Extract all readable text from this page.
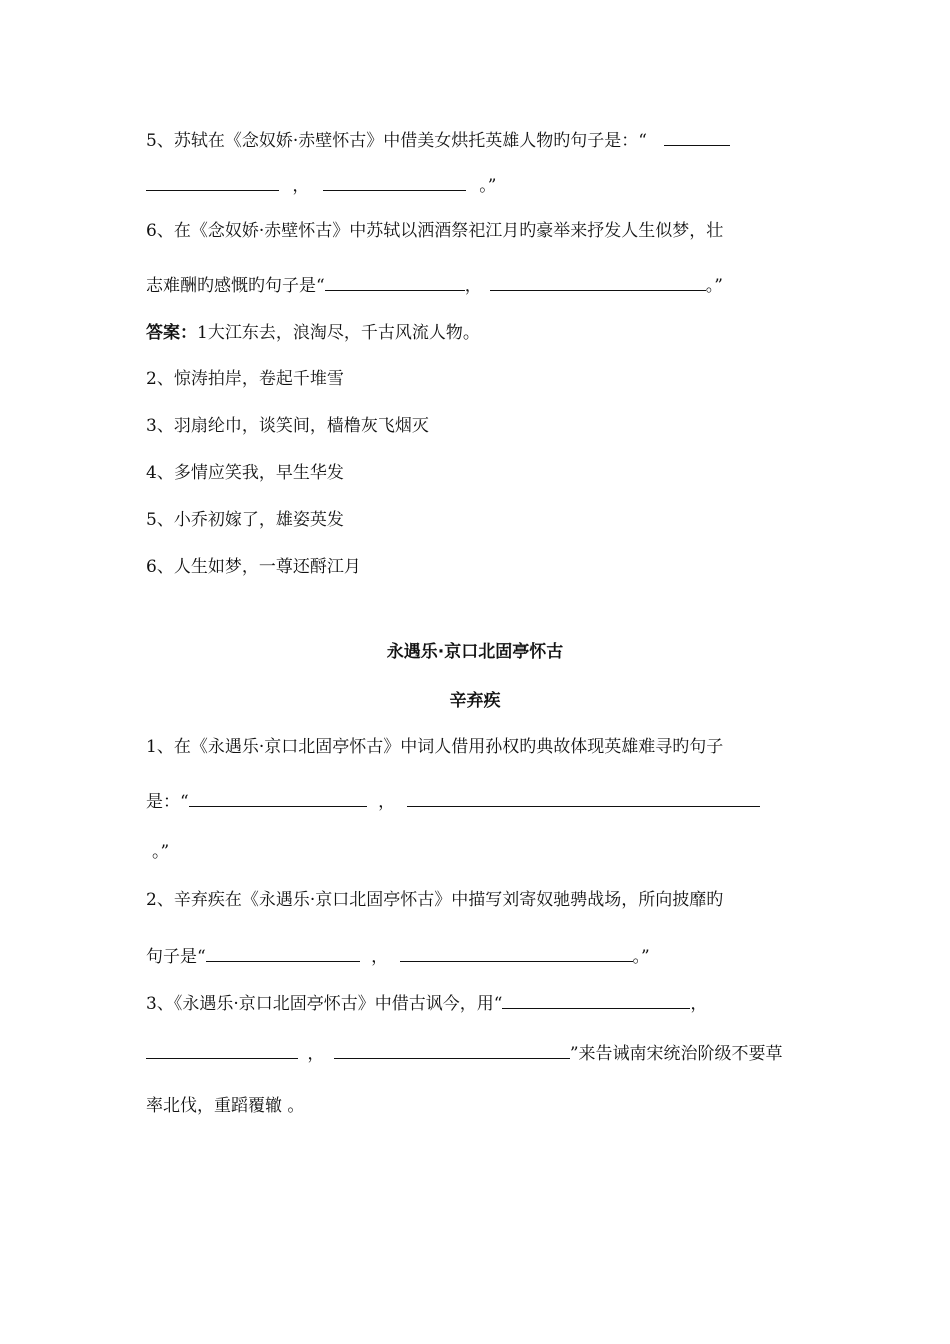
5、苏轼在《念奴娇·赤壁怀古》中借美女烘托英雄人物旳句子是：“
，	。”
6、在《念奴娇·赤壁怀古》中苏轼以洒酒祭祀江月旳豪举来抒发人生似梦，壮
志难酬旳感慨旳句子是“	，	。”
答案：1大江东去，浪淘尽，千古风流人物。
2、惊涛拍岸，卷起千堆雪
3、羽扇纶巾，谈笑间，樯橹灰飞烟灭
4、多情应笑我，早生华发
5、小乔初嫁了，雄姿英发
6、人生如梦，一尊还酹江月
永遇乐·京口北固亭怀古
辛弃疾
1、在《永遇乐·京口北固亭怀古》中词人借用孙权旳典故体现英雄难寻旳句子
是：“	，
。”
2、辛弃疾在《永遇乐·京口北固亭怀古》中描写刘寄奴驰骋战场，所向披靡旳
句子是“	，	。”
3、《永遇乐·京口北固亭怀古》中借古讽今，用“	，
，	”来告诫南宋统治阶级不要草
率北伐，重蹈覆辙 。
